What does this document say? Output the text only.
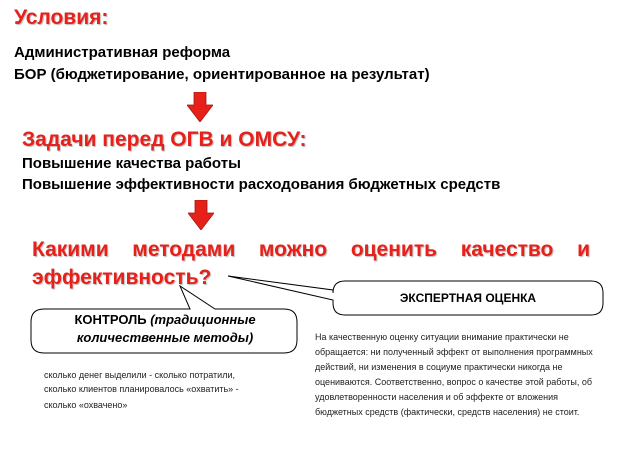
Условия:
Административная реформа
БОР (бюджетирование, ориентированное на результат)
Задачи перед ОГВ и ОМСУ:
Повышение качества работы
Повышение эффективности расходования бюджетных средств
Какими методами можно оценить качество и
эффективность?
ЭКСПЕРТНАЯ ОЦЕНКА
КОНТРОЛЬ (традиционные количественные методы)
сколько денег выделили - сколько потратили,
сколько клиентов планировалось «охватить» -
сколько «охвачено»
На качественную оценку ситуации внимание практически не обращается: ни полученный эффект от выполнения программных действий, ни изменения в социуме практически никогда не оцениваются. Соответственно, вопрос о качестве этой работы, об удовлетворенности населения и об эффекте от вложения бюджетных средств (фактически, средств населения) не стоит.
